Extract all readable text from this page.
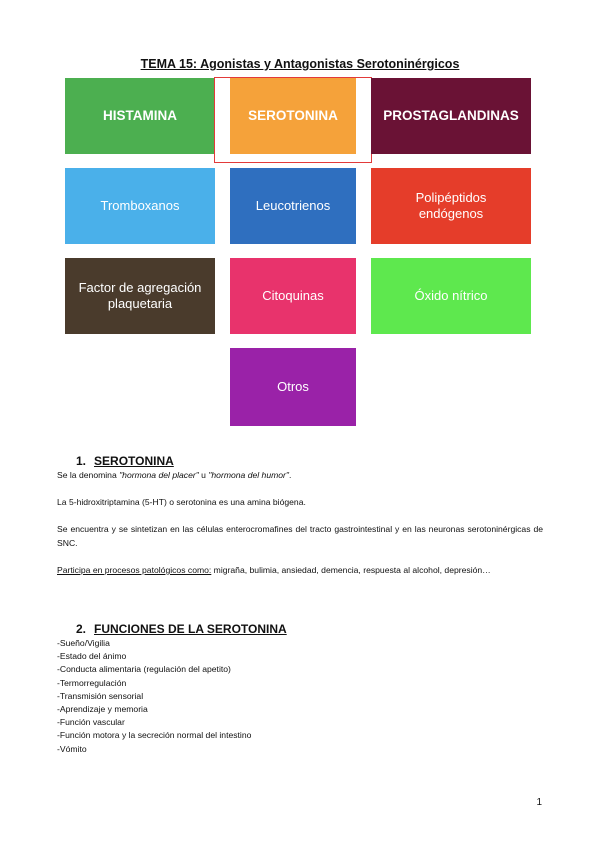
TEMA 15: Agonistas y Antagonistas Serotoninérgicos
HISTAMINA	SEROTONINA	PROSTAGLANDINAS
Tromboxanos	Leucotrienos
Polipéptidos endógenos
Factor de agregación plaquetaria
Citoquinas	Óxido nítrico
Otros
1. SEROTONINA
Se la denomina "hormona del placer" u "hormona del humor".
La 5-hidroxitriptamina (5-HT) o serotonina es una amina biógena.
Se encuentra y se sintetizan en las células enterocromafines del tracto gastrointestinal y en las neuronas serotoninérgicas de SNC.
Participa en procesos patológicos como: migraña, bulimia, ansiedad, demencia, respuesta al alcohol, depresión…
2. FUNCIONES DE LA SEROTONINA
-Sueño/Vigilia
-Estado del ánimo
-Conducta alimentaria (regulación del apetito)
-Termorregulación
-Transmisión sensorial
-Aprendizaje y memoria
-Función vascular
-Función motora y la secreción normal del intestino
-Vómito
1
